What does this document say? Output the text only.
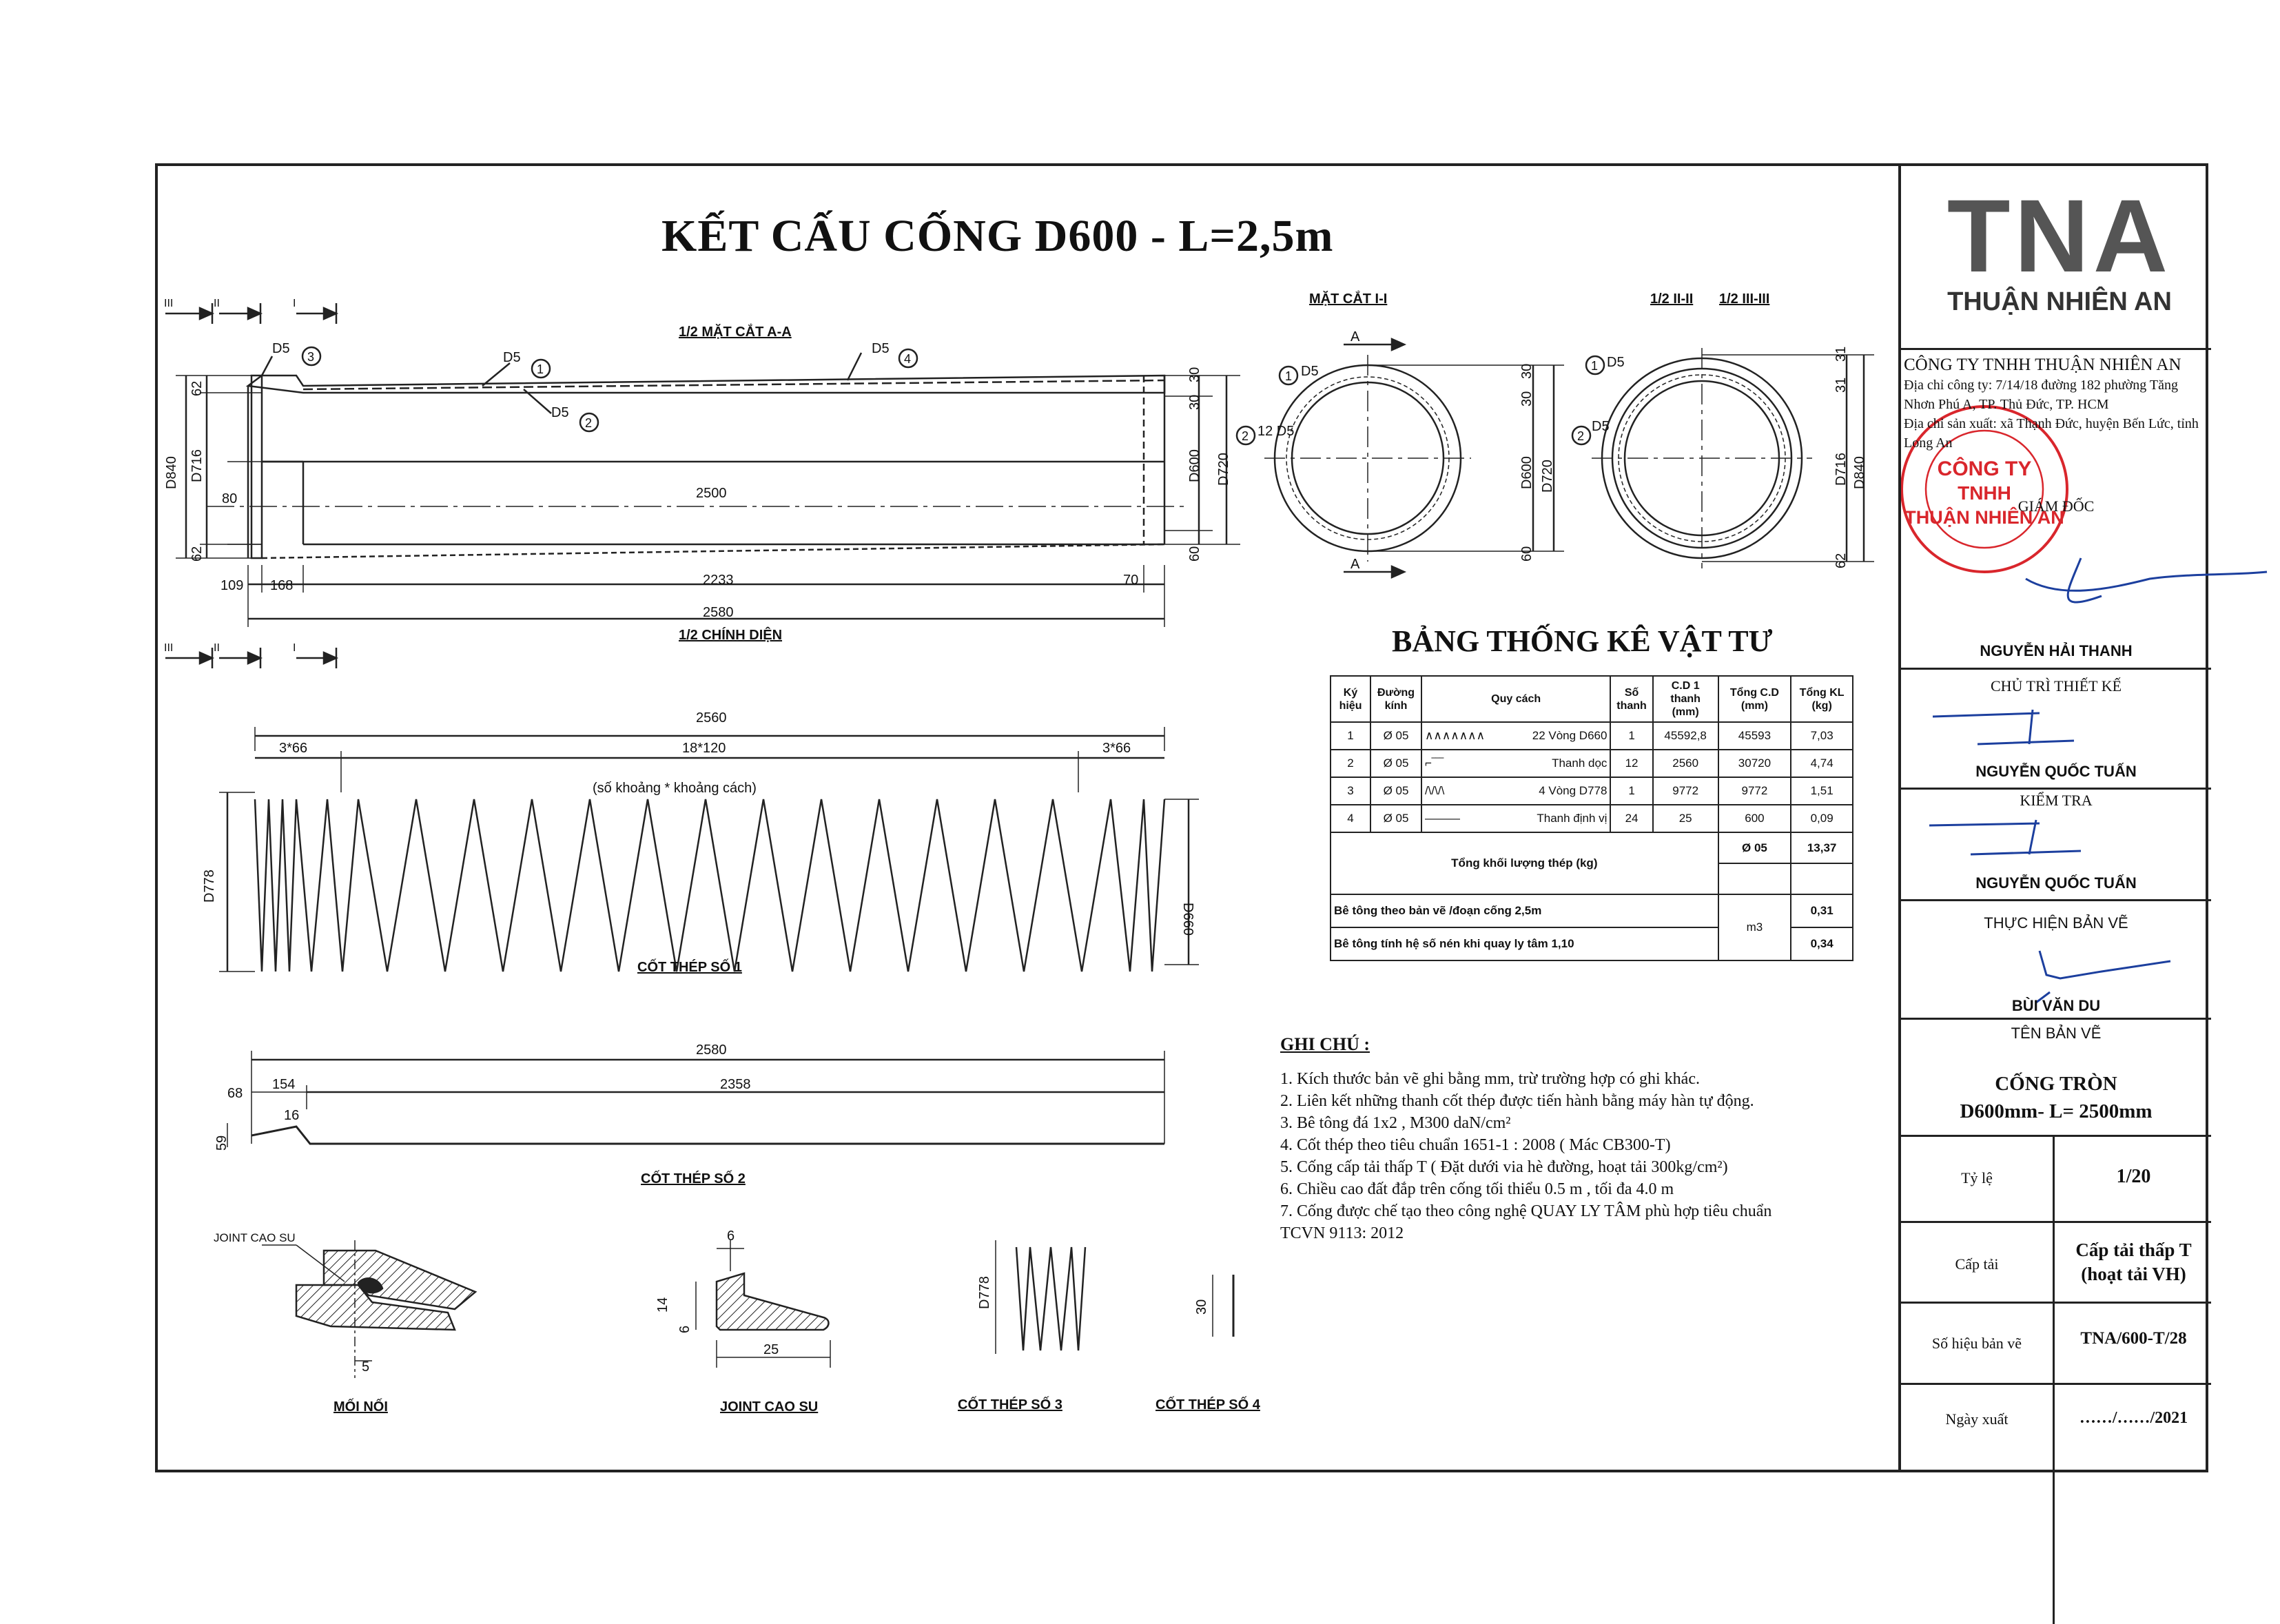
KẾT CẤU CỐNG D600 - L=2,5m
CÔNG TY
TNHH
THUẬN NHIÊN AN
1/2 MẶT CẮT A-A
1/2 CHÍNH DIỆN
MẶT CẮT I-I	1/2 II-II 1/2 III-III
A
A
III	II	I
III	II	I
D5
3	D5
1
D5
4
D5
2
D840 D716
62
62
80	2500
2233
2580
109 168	70
D600 D720
30
30
60
D5
1
12 D5
2
D600 D720
30
30
60
D5
1
D5
2
D716 D840
31
31
62
2560
3*66	18*120	3*66
(số khoảng * khoảng cách)
D778
D660
CỐT THÉP SỐ 1
2580
154	2358
16
68
59
CỐT THÉP SỐ 2
JOINT CAO SU
5
MỐI NỐI
6
14
6
25
JOINT CAO SU
D778
CỐT THÉP SỐ 3
30
CỐT THÉP SỐ 4
BẢNG THỐNG KÊ VẬT TƯ
Ký hiệu	Đường kính	Quy cách	Số thanh	C.D 1 thanh (mm)	Tổng C.D (mm)	Tổng KL (kg)
1	Ø 05	∧∧∧∧∧∧∧ 22 Vòng D660	1	45592,8	45593	7,03
2	Ø 05	⌐‾‾‾ Thanh dọc	12	2560	30720	4,74
3	Ø 05	/\/\/\ 4 Vòng D778	1	9772	9772	1,51
4	Ø 05	——— Thanh định vị	24	25	600	0,09
Tổng khối lượng thép (kg)					Ø 05	13,37

Bê tông theo bản vẽ /đoạn cống 2,5m					m3	0,31
Bê tông tính hệ số nén khi quay ly tâm 1,10						0,34
GHI CHÚ :
1. Kích thước bản vẽ ghi bằng mm, trừ trường hợp có ghi khác.
2. Liên kết những thanh cốt thép được tiến hành bằng máy hàn tự động.
3. Bê tông đá 1x2 , M300 daN/cm²
4. Cốt thép theo tiêu chuẩn 1651-1 : 2008 ( Mác CB300-T)
5. Cống cấp tải thấp T ( Đặt dưới via hè đường, hoạt tải 300kg/cm²)
6. Chiều cao đất đắp trên cống tối thiểu 0.5 m , tối đa 4.0 m
7. Cống được chế tạo theo công nghệ QUAY LY TÂM phù hợp tiêu chuẩn
TCVN 9113: 2012
TNA
THUẬN NHIÊN AN
CÔNG TY TNHH THUẬN NHIÊN AN
Địa chỉ công ty: 7/14/18 đường 182 phường Tăng Nhơn Phú A, TP. Thủ Đức, TP. HCM
Địa chỉ sản xuất: xã Thạnh Đức, huyện Bến Lức, tỉnh Long An
GIÁM ĐỐC
NGUYỄN HẢI THANH
CHỦ TRÌ THIẾT KẾ
NGUYỄN QUỐC TUẤN
KIỂM TRA
NGUYỄN QUỐC TUẤN
THỰC HIỆN BẢN VẼ
BÙI VĂN DU
TÊN BẢN VẼ
CỐNG TRÒN
D600mm- L= 2500mm
Tỷ lệ	1/20
Cấp tải
Cấp tải thấp T
(hoạt tải VH)
Số hiệu bản vẽ	TNA/600-T/28
Ngày xuất	……/……/2021
